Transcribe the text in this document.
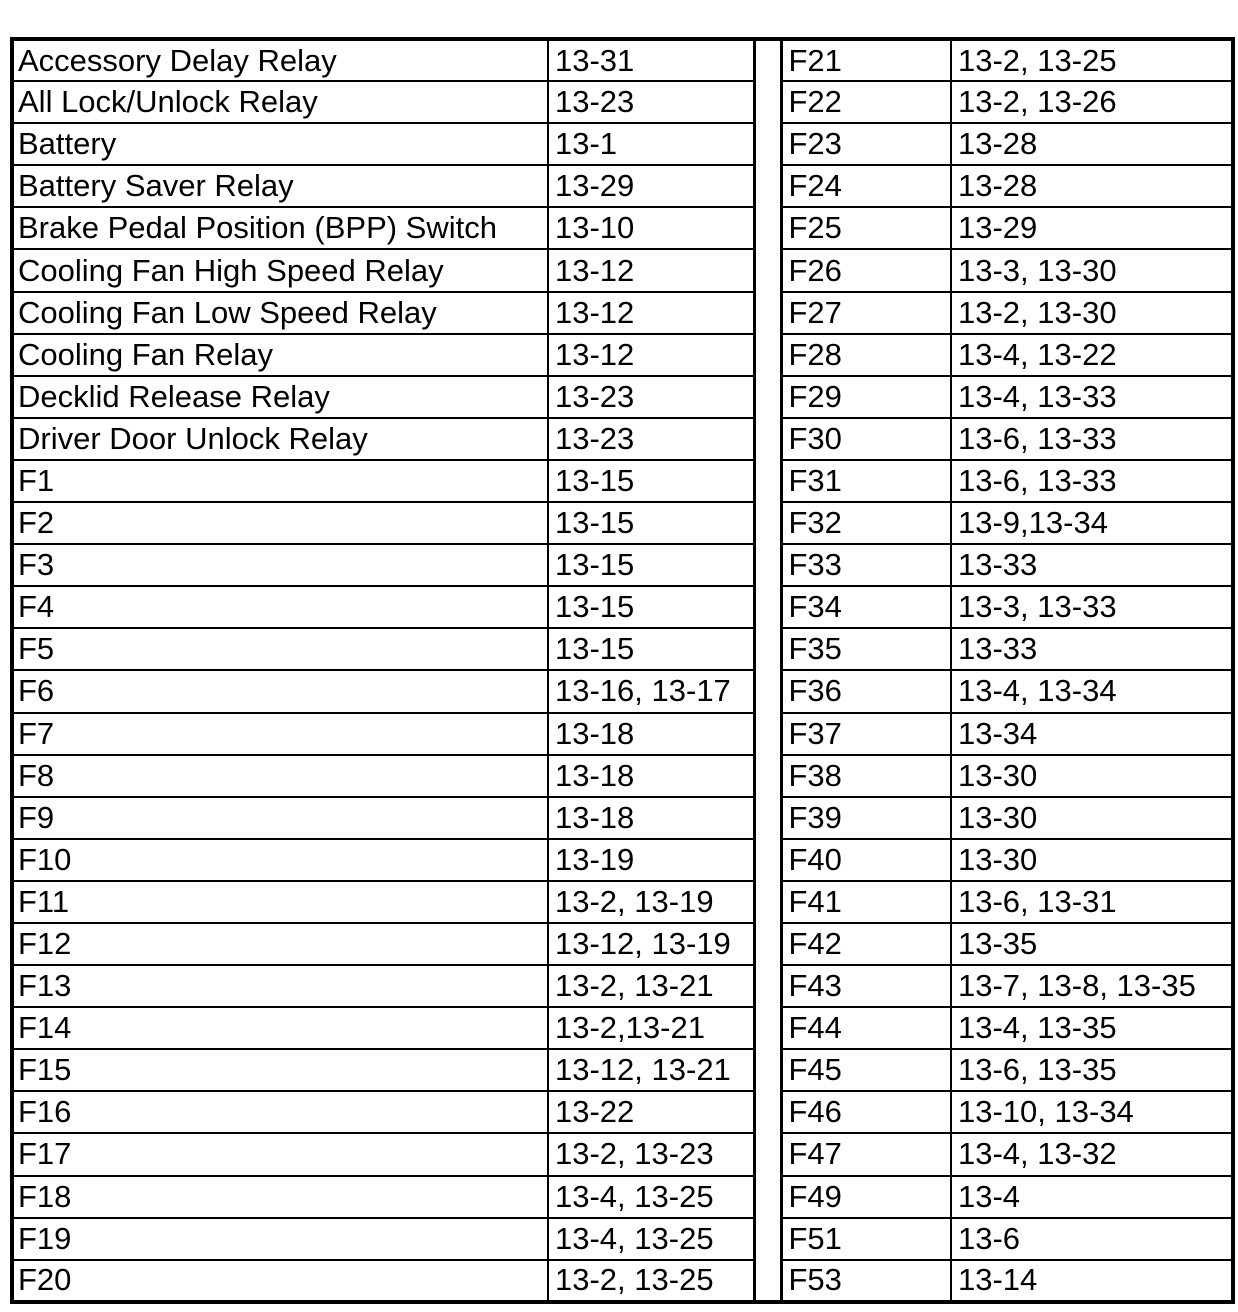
Accessory Delay Relay	13-31		F21	13-2, 13-25
All Lock/Unlock Relay	13-23		F22	13-2, 13-26
Battery	13-1		F23	13-28
Battery Saver Relay	13-29		F24	13-28
Brake Pedal Position (BPP) Switch	13-10		F25	13-29
Cooling Fan High Speed Relay	13-12		F26	13-3, 13-30
Cooling Fan Low Speed Relay	13-12		F27	13-2, 13-30
Cooling Fan Relay	13-12		F28	13-4, 13-22
Decklid Release Relay	13-23		F29	13-4, 13-33
Driver Door Unlock Relay	13-23		F30	13-6, 13-33
F1	13-15		F31	13-6, 13-33
F2	13-15		F32	13-9,13-34
F3	13-15		F33	13-33
F4	13-15		F34	13-3, 13-33
F5	13-15		F35	13-33
F6	13-16, 13-17		F36	13-4, 13-34
F7	13-18		F37	13-34
F8	13-18		F38	13-30
F9	13-18		F39	13-30
F10	13-19		F40	13-30
F11	13-2, 13-19		F41	13-6, 13-31
F12	13-12, 13-19		F42	13-35
F13	13-2, 13-21		F43	13-7, 13-8, 13-35
F14	13-2,13-21		F44	13-4, 13-35
F15	13-12, 13-21		F45	13-6, 13-35
F16	13-22		F46	13-10, 13-34
F17	13-2, 13-23		F47	13-4, 13-32
F18	13-4, 13-25		F49	13-4
F19	13-4, 13-25		F51	13-6
F20	13-2, 13-25		F53	13-14
